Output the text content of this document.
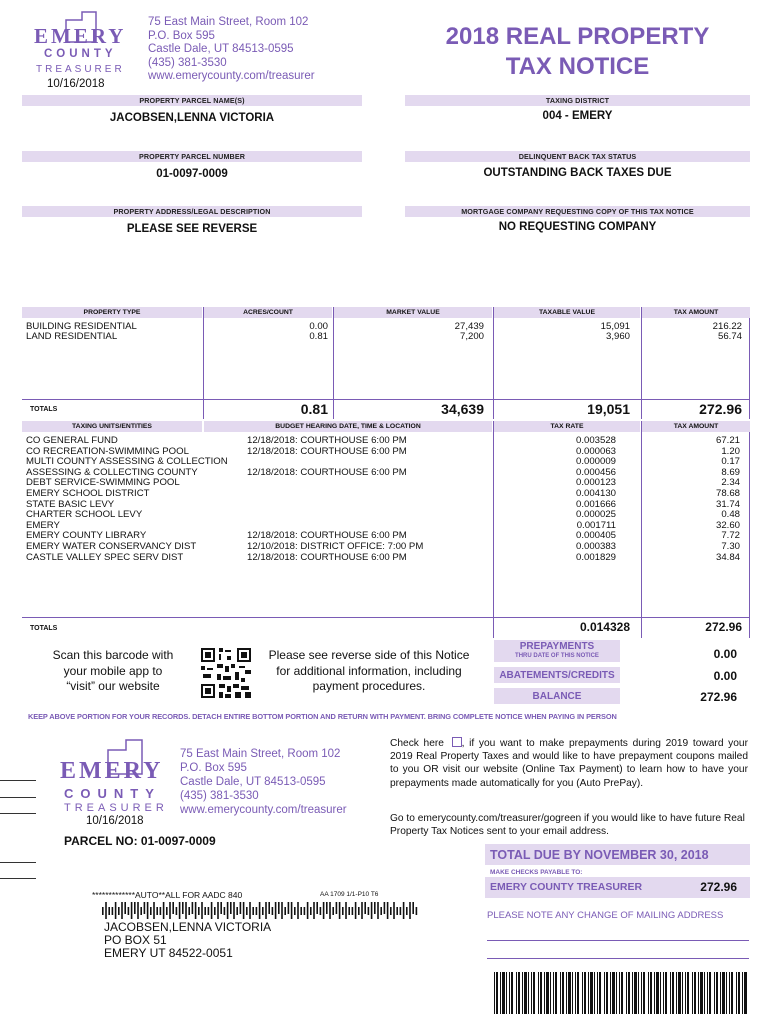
EMERY
COUNTY
TREASURER
10/16/2018
75 East Main Street, Room 102
P.O. Box 595
Castle Dale, UT 84513-0595
(435) 381-3530
www.emerycounty.com/treasurer
2018 REAL PROPERTY
TAX NOTICE
PROPERTY PARCEL NAME(S)
JACOBSEN,LENNA VICTORIA
TAXING DISTRICT
004 - EMERY
PROPERTY PARCEL NUMBER
01-0097-0009
DELINQUENT BACK TAX STATUS
OUTSTANDING BACK TAXES DUE
PROPERTY ADDRESS/LEGAL DESCRIPTION
PLEASE SEE REVERSE
MORTGAGE COMPANY REQUESTING COPY OF THIS TAX NOTICE
NO REQUESTING COMPANY
PROPERTY TYPE	ACRES/COUNT	MARKET VALUE	TAXABLE VALUE	TAX AMOUNT
BUILDING RESIDENTIAL	0.00	27,439	15,091	216.22
LAND RESIDENTIAL	0.81	7,200	3,960	56.74
TOTALS	0.81	34,639	19,051	272.96
TAXING UNITS/ENTITIES	BUDGET HEARING DATE, TIME & LOCATION	TAX RATE	TAX AMOUNT
CO GENERAL FUND	12/18/2018: COURTHOUSE 6:00 PM	0.003528	67.21
CO RECREATION-SWIMMING POOL	12/18/2018: COURTHOUSE 6:00 PM	0.000063	1.20
MULTI COUNTY ASSESSING & COLLECTION	0.000009	0.17
ASSESSING & COLLECTING COUNTY	12/18/2018: COURTHOUSE 6:00 PM	0.000456	8.69
DEBT SERVICE-SWIMMING POOL	0.000123	2.34
EMERY SCHOOL DISTRICT	0.004130	78.68
STATE BASIC LEVY	0.001666	31.74
CHARTER SCHOOL LEVY	0.000025	0.48
EMERY	0.001711	32.60
EMERY COUNTY LIBRARY	12/18/2018: COURTHOUSE 6:00 PM	0.000405	7.72
EMERY WATER CONSERVANCY DIST	12/10/2018: DISTRICT OFFICE: 7:00 PM	0.000383	7.30
CASTLE VALLEY SPEC SERV DIST	12/18/2018: COURTHOUSE 6:00 PM	0.001829	34.84
TOTALS	0.014328	272.96
Scan this barcode with
your mobile app to
“visit” our website
Please see reverse side of this Notice
for additional information, including
payment procedures.
PREPAYMENTS
THRU DATE OF THIS NOTICE	0.00
ABATEMENTS/CREDITS	0.00
BALANCE	272.96
KEEP ABOVE PORTION FOR YOUR RECORDS. DETACH ENTIRE BOTTOM PORTION AND RETURN WITH PAYMENT. BRING COMPLETE NOTICE WHEN PAYING IN PERSON
EMERY
COUNTY
TREASURER
75 East Main Street, Room 102
P.O. Box 595
Castle Dale, UT 84513-0595
(435) 381-3530
www.emerycounty.com/treasurer
10/16/2018
PARCEL NO: 01-0097-0009
Check here , if you want to make prepayments during 2019 toward your 2019 Real Property Taxes and would like to have prepayment coupons mailed to you OR visit our website (Online Tax Payment) to learn how to have your prepayments made automatically for you (Auto PrePay).
Go to emerycounty.com/treasurer/gogreen if you would like to have future Real Property Tax Notices sent to your email address.
TOTAL DUE BY NOVEMBER 30, 2018
MAKE CHECKS PAYABLE TO:
EMERY COUNTY TREASURER	272.96
*************AUTO**ALL FOR AADC 840	AA 1709 1/1-P10 T6
JACOBSEN,LENNA VICTORIA
PO BOX 51
EMERY UT 84522-0051
PLEASE NOTE ANY CHANGE OF MAILING ADDRESS
